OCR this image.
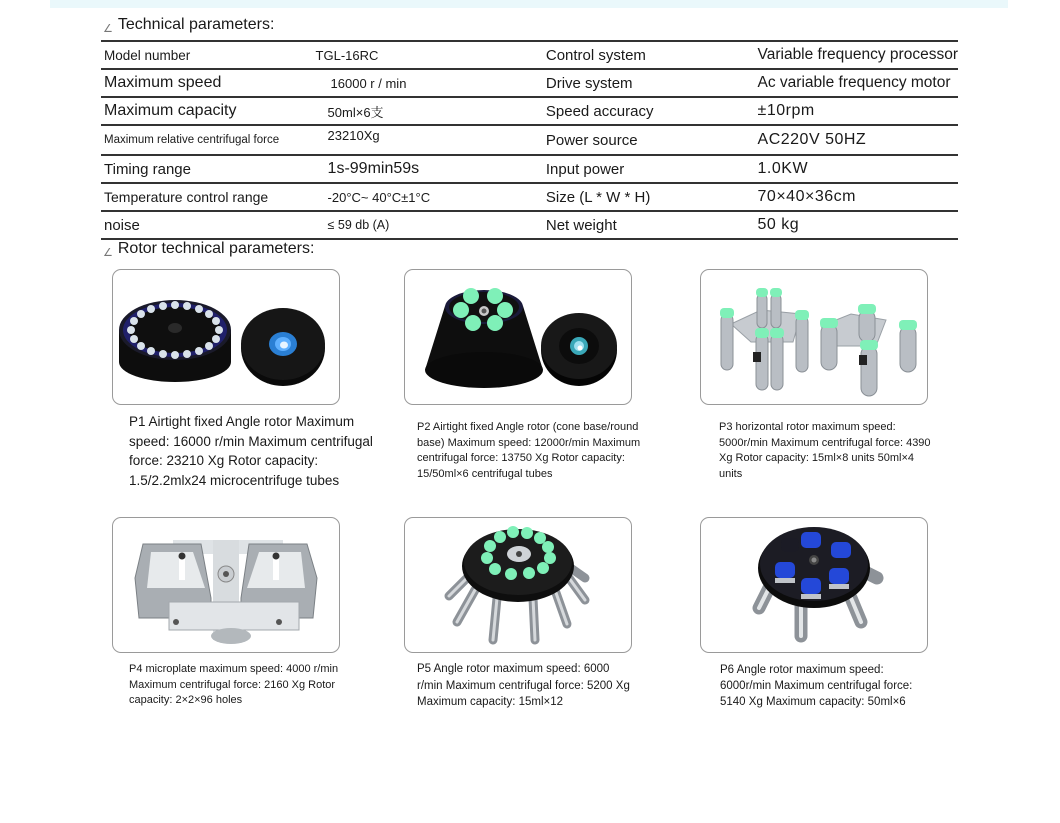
∠ Technical parameters:
Model number	TGL-16RC	Control system	Variable frequency processor
Maximum speed	16000 r / min	Drive system	Ac variable frequency motor
Maximum capacity	50ml×6支	Speed accuracy	±10rpm
Maximum relative centrifugal force	23210Xg	Power source	AC220V 50HZ
Timing range	1s-99min59s	Input power	1.0KW
Temperature control range	-20°C~ 40°C±1°C	Size (L * W * H)	70×40×36cm
noise	≤ 59 db (A)	Net weight	50 kg
∠ Rotor technical parameters:
P1 Airtight fixed Angle rotor Maximum speed: 16000 r/min Maximum centrifugal force: 23210 Xg Rotor capacity: 1.5/2.2mlx24 microcentrifuge tubes
P2 Airtight fixed Angle rotor (cone base/round base) Maximum speed: 12000r/min Maximum centrifugal force: 13750 Xg Rotor capacity: 15/50ml×6 centrifugal tubes
P3 horizontal rotor maximum speed: 5000r/min Maximum centrifugal force: 4390 Xg Rotor capacity: 15ml×8 units 50ml×4 units
P4 microplate maximum speed: 4000 r/min Maximum centrifugal force: 2160 Xg Rotor capacity: 2×2×96 holes
P5 Angle rotor maximum speed: 6000 r/min Maximum centrifugal force: 5200 Xg Maximum capacity: 15ml×12
P6 Angle rotor maximum speed: 6000r/min Maximum centrifugal force: 5140 Xg Maximum capacity: 50ml×6
